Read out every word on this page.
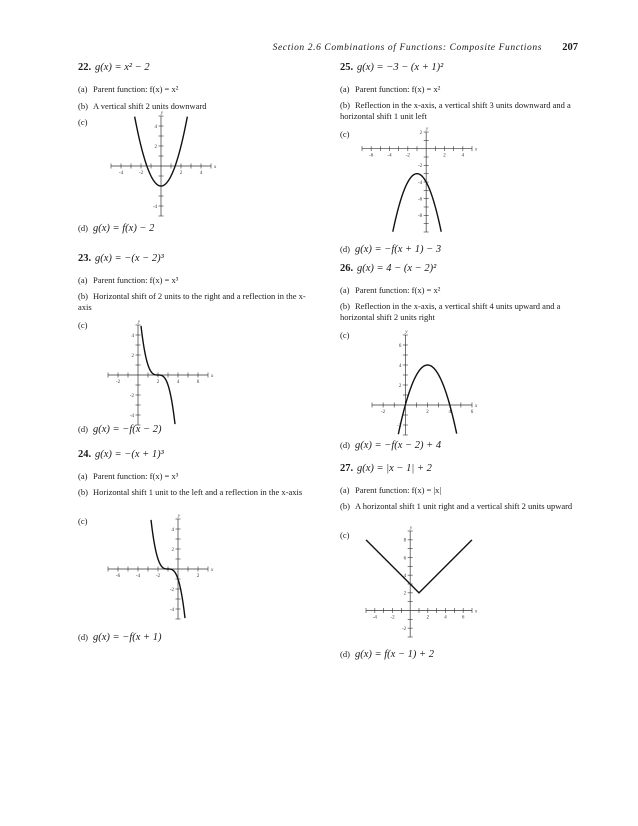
Section 2.6 Combinations of Functions: Composite Functions 207
22. g(x) = x² − 2
(a) Parent function: f(x) = x²
(b) A vertical shift 2 units downward
(c)
(d) g(x) = f(x) − 2
-4	-2	2	4
4
2
-4
x
y
23. g(x) = −(x − 2)³
(a) Parent function: f(x) = x³
(b) Horizontal shift of 2 units to the right and a reflection in the x-axis
(c)
(d) g(x) = −f(x − 2)
-2	2	4	6
4
2
-2
-4
x
y
24. g(x) = −(x + 1)³
(a) Parent function: f(x) = x³
(b) Horizontal shift 1 unit to the left and a reflection in the x-axis
(c)
(d) g(x) = −f(x + 1)
-6	-4	-2	2
4
2
-2
-4
x
y
25. g(x) = −3 − (x + 1)²
(a) Parent function: f(x) = x²
(b) Reflection in the x-axis, a vertical shift 3 units downward and a horizontal shift 1 unit left
(c)
(d) g(x) = −f(x + 1) − 3
-6	-4	-2	2	4
2
-2
-4
-6
-8
x
y
26. g(x) = 4 − (x − 2)²
(a) Parent function: f(x) = x²
(b) Reflection in the x-axis, a vertical shift 4 units upward and a horizontal shift 2 units right
(c)
(d) g(x) = −f(x − 2) + 4
-2	2	4	6
6
4
2
-2
x
y
27. g(x) = |x − 1| + 2
(a) Parent function: f(x) = |x|
(b) A horizontal shift 1 unit right and a vertical shift 2 units upward
(c)
(d) g(x) = f(x − 1) + 2
-4	-2	2	4	6
8
6
4
2
-2
x
y
